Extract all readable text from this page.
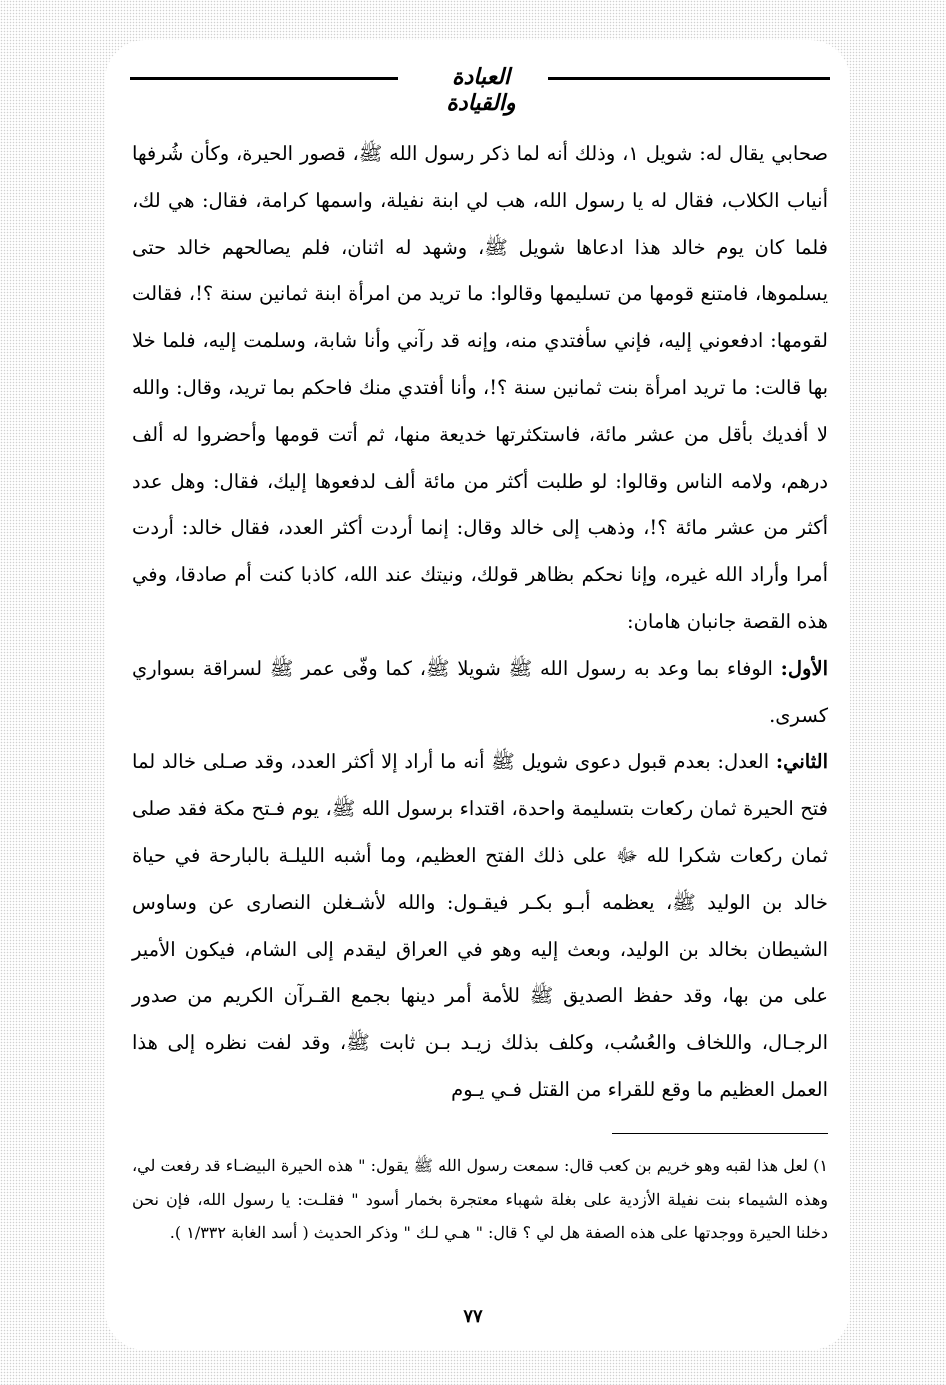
العبادة والقيادة

صحابي يقال له: شويل ١، وذلك أنه لما ذكر رسول الله ﷺ، قصور الحيرة، وكأن شُرفها أنياب الكلاب، فقال له يا رسول الله، هب لي ابنة نفيلة، واسمها كرامة، فقال: هي لك، فلما كان يوم خالد هذا ادعاها شويل ﷺ، وشهد له اثنان، فلم يصالحهم خالد حتى يسلموها، فامتنع قومها من تسليمها وقالوا: ما تريد من امرأة ابنة ثمانين سنة ؟!، فقالت لقومها: ادفعوني إليه، فإني سأفتدي منه، وإنه قد رآني وأنا شابة، وسلمت إليه، فلما خلا بها قالت: ما تريد امرأة بنت ثمانين سنة ؟!، وأنا أفتدي منك فاحكم بما تريد، وقال: والله لا أفديك بأقل من عشر مائة، فاستكثرتها خديعة منها، ثم أتت قومها وأحضروا له ألف درهم، ولامه الناس وقالوا: لو طلبت أكثر من مائة ألف لدفعوها إليك، فقال: وهل عدد أكثر من عشر مائة ؟!، وذهب إلى خالد وقال: إنما أردت أكثر العدد، فقال خالد: أردت أمرا وأراد الله غيره، وإنا نحكم بظاهر قولك، ونيتك عند الله، كاذبا كنت أم صادقا، وفي هذه القصة جانبان هامان:

الأول: الوفاء بما وعد به رسول الله ﷺ شويلا ﷺ، كما وفّى عمر ﷺ لسراقة بسواري كسرى.

الثاني: العدل: بعدم قبول دعوى شويل ﷺ أنه ما أراد إلا أكثر العدد، وقد صـلى خالد لما فتح الحيرة ثمان ركعات بتسليمة واحدة، اقتداء برسول الله ﷺ، يوم فـتح مكة فقد صلى ثمان ركعات شكرا لله ﷻ على ذلك الفتح العظيم، وما أشبه الليلـة بالبارحة في حياة خالد بن الوليد ﷺ، يعظمه أبـو بكـر فيقـول: والله لأشـغلن النصارى عن وساوس الشيطان بخالد بن الوليد، وبعث إليه وهو في العراق ليقدم إلى الشام، فيكون الأمير على من بها، وقد حفظ الصديق ﷺ للأمة أمر دينها بجمع القـرآن الكريم من صدور الرجـال، واللخاف والعُسُب، وكلف بذلك زيـد بـن ثابت ﷺ، وقد لفت نظره إلى هذا العمل العظيم ما وقع للقراء من القتل فـي يـوم

١) لعل هذا لقبه وهو خريم بن كعب قال: سمعت رسول الله ﷺ يقول: " هذه الحيرة البيضـاء قد رفعت لي، وهذه الشيماء بنت نفيلة الأزدية على بغلة شهباء معتجرة بخمار أسود " فقلـت: يا رسول الله، فإن نحن دخلنا الحيرة ووجدتها على هذه الصفة هل لي ؟ قال: " هـي لـك " وذكر الحديث ( أسد الغابة ١/٣٣٢ ).

٧٧
